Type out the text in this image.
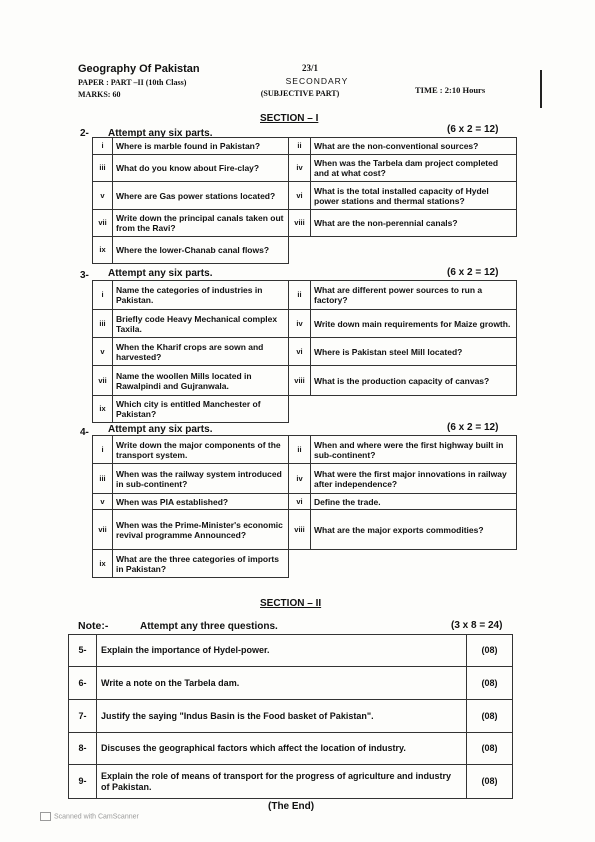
Geography Of Pakistan
PAPER : PART –II (10th Class)
MARKS: 60
23/1
SECONDARY
(SUBJECTIVE PART)	TIME : 2:10 Hours
SECTION – I
2- Attempt any six parts.	(6 x 2 = 12)
i	Where is marble found in Pakistan?	ii	What are the non-conventional sources?
iii	What do you know about Fire-clay?	iv	When was the Tarbela dam project completed and at what cost?
v	Where are Gas power stations located?	vi	What is the total installed capacity of Hydel power stations and thermal stations?
vii	Write down the principal canals taken out from the Ravi?	viii	What are the non-perennial canals?
ix	Where the lower-Chanab canal flows?		
3- Attempt any six parts.	(6 x 2 = 12)
i	Name the categories of industries in Pakistan.	ii	What are different power sources to run a factory?
iii	Briefly code Heavy Mechanical complex Taxila.	iv	Write down main requirements for Maize growth.
v	When the Kharif crops are sown and harvested?	vi	Where is Pakistan steel Mill located?
vii	Name the woollen Mills located in Rawalpindi and Gujranwala.	viii	What is the production capacity of canvas?
ix	Which city is entitled Manchester of Pakistan?		
4- Attempt any six parts.	(6 x 2 = 12)
i	Write down the major components of the transport system.	ii	When and where were the first highway built in sub-continent?
iii	When was the railway system introduced in sub-continent?	iv	What were the first major innovations in railway after independence?
v	When was PIA established?	vi	Define the trade.
vii	When was the Prime-Minister's economic revival programme Announced?	viii	What are the major exports commodities?
ix	What are the three categories of imports in Pakistan?		
SECTION – II
Note:-	Attempt any three questions.	(3 x 8 = 24)
5-	Explain the importance of Hydel-power.	(08)
6-	Write a note on the Tarbela dam.	(08)
7-	Justify the saying "Indus Basin is the Food basket of Pakistan".	(08)
8-	Discuses the geographical factors which affect the location of industry.	(08)
9-	Explain the role of means of transport for the progress of agriculture and industry of Pakistan.	(08)
(The End)
Scanned with CamScanner
